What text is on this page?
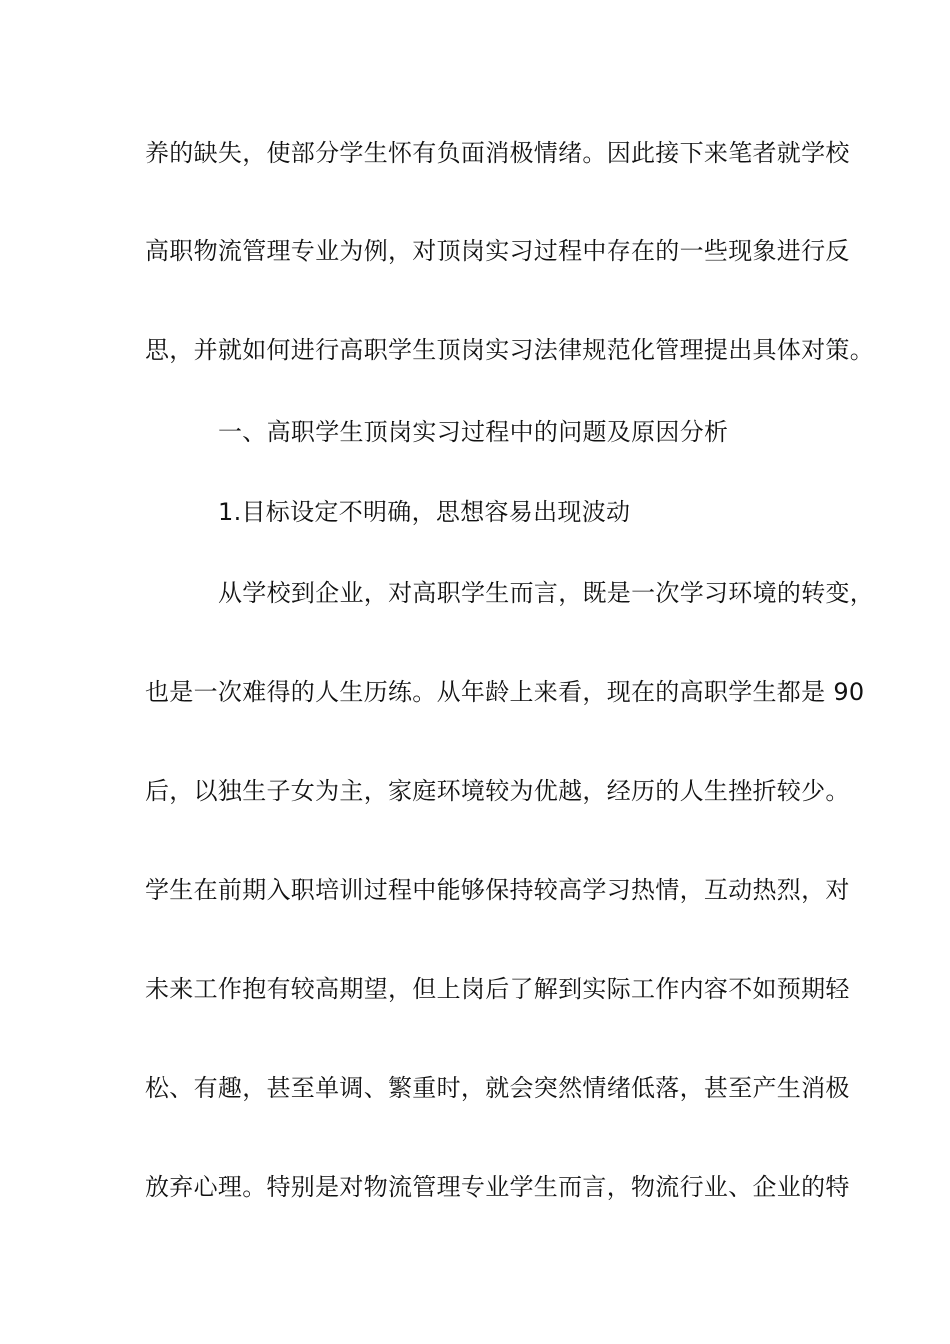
养的缺失，使部分学生怀有负面消极情绪。因此接下来笔者就学校
高职物流管理专业为例，对顶岗实习过程中存在的一些现象进行反
思，并就如何进行高职学生顶岗实习法律规范化管理提出具体对策。
一、高职学生顶岗实习过程中的问题及原因分析
1.目标设定不明确，思想容易出现波动
从学校到企业，对高职学生而言，既是一次学习环境的转变，
也是一次难得的人生历练。从年龄上来看，现在的高职学生都是 90
后，以独生子女为主，家庭环境较为优越，经历的人生挫折较少。
学生在前期入职培训过程中能够保持较高学习热情，互动热烈，对
未来工作抱有较高期望，但上岗后了解到实际工作内容不如预期轻
松、有趣，甚至单调、繁重时，就会突然情绪低落，甚至产生消极
放弃心理。特别是对物流管理专业学生而言，物流行业、企业的特
